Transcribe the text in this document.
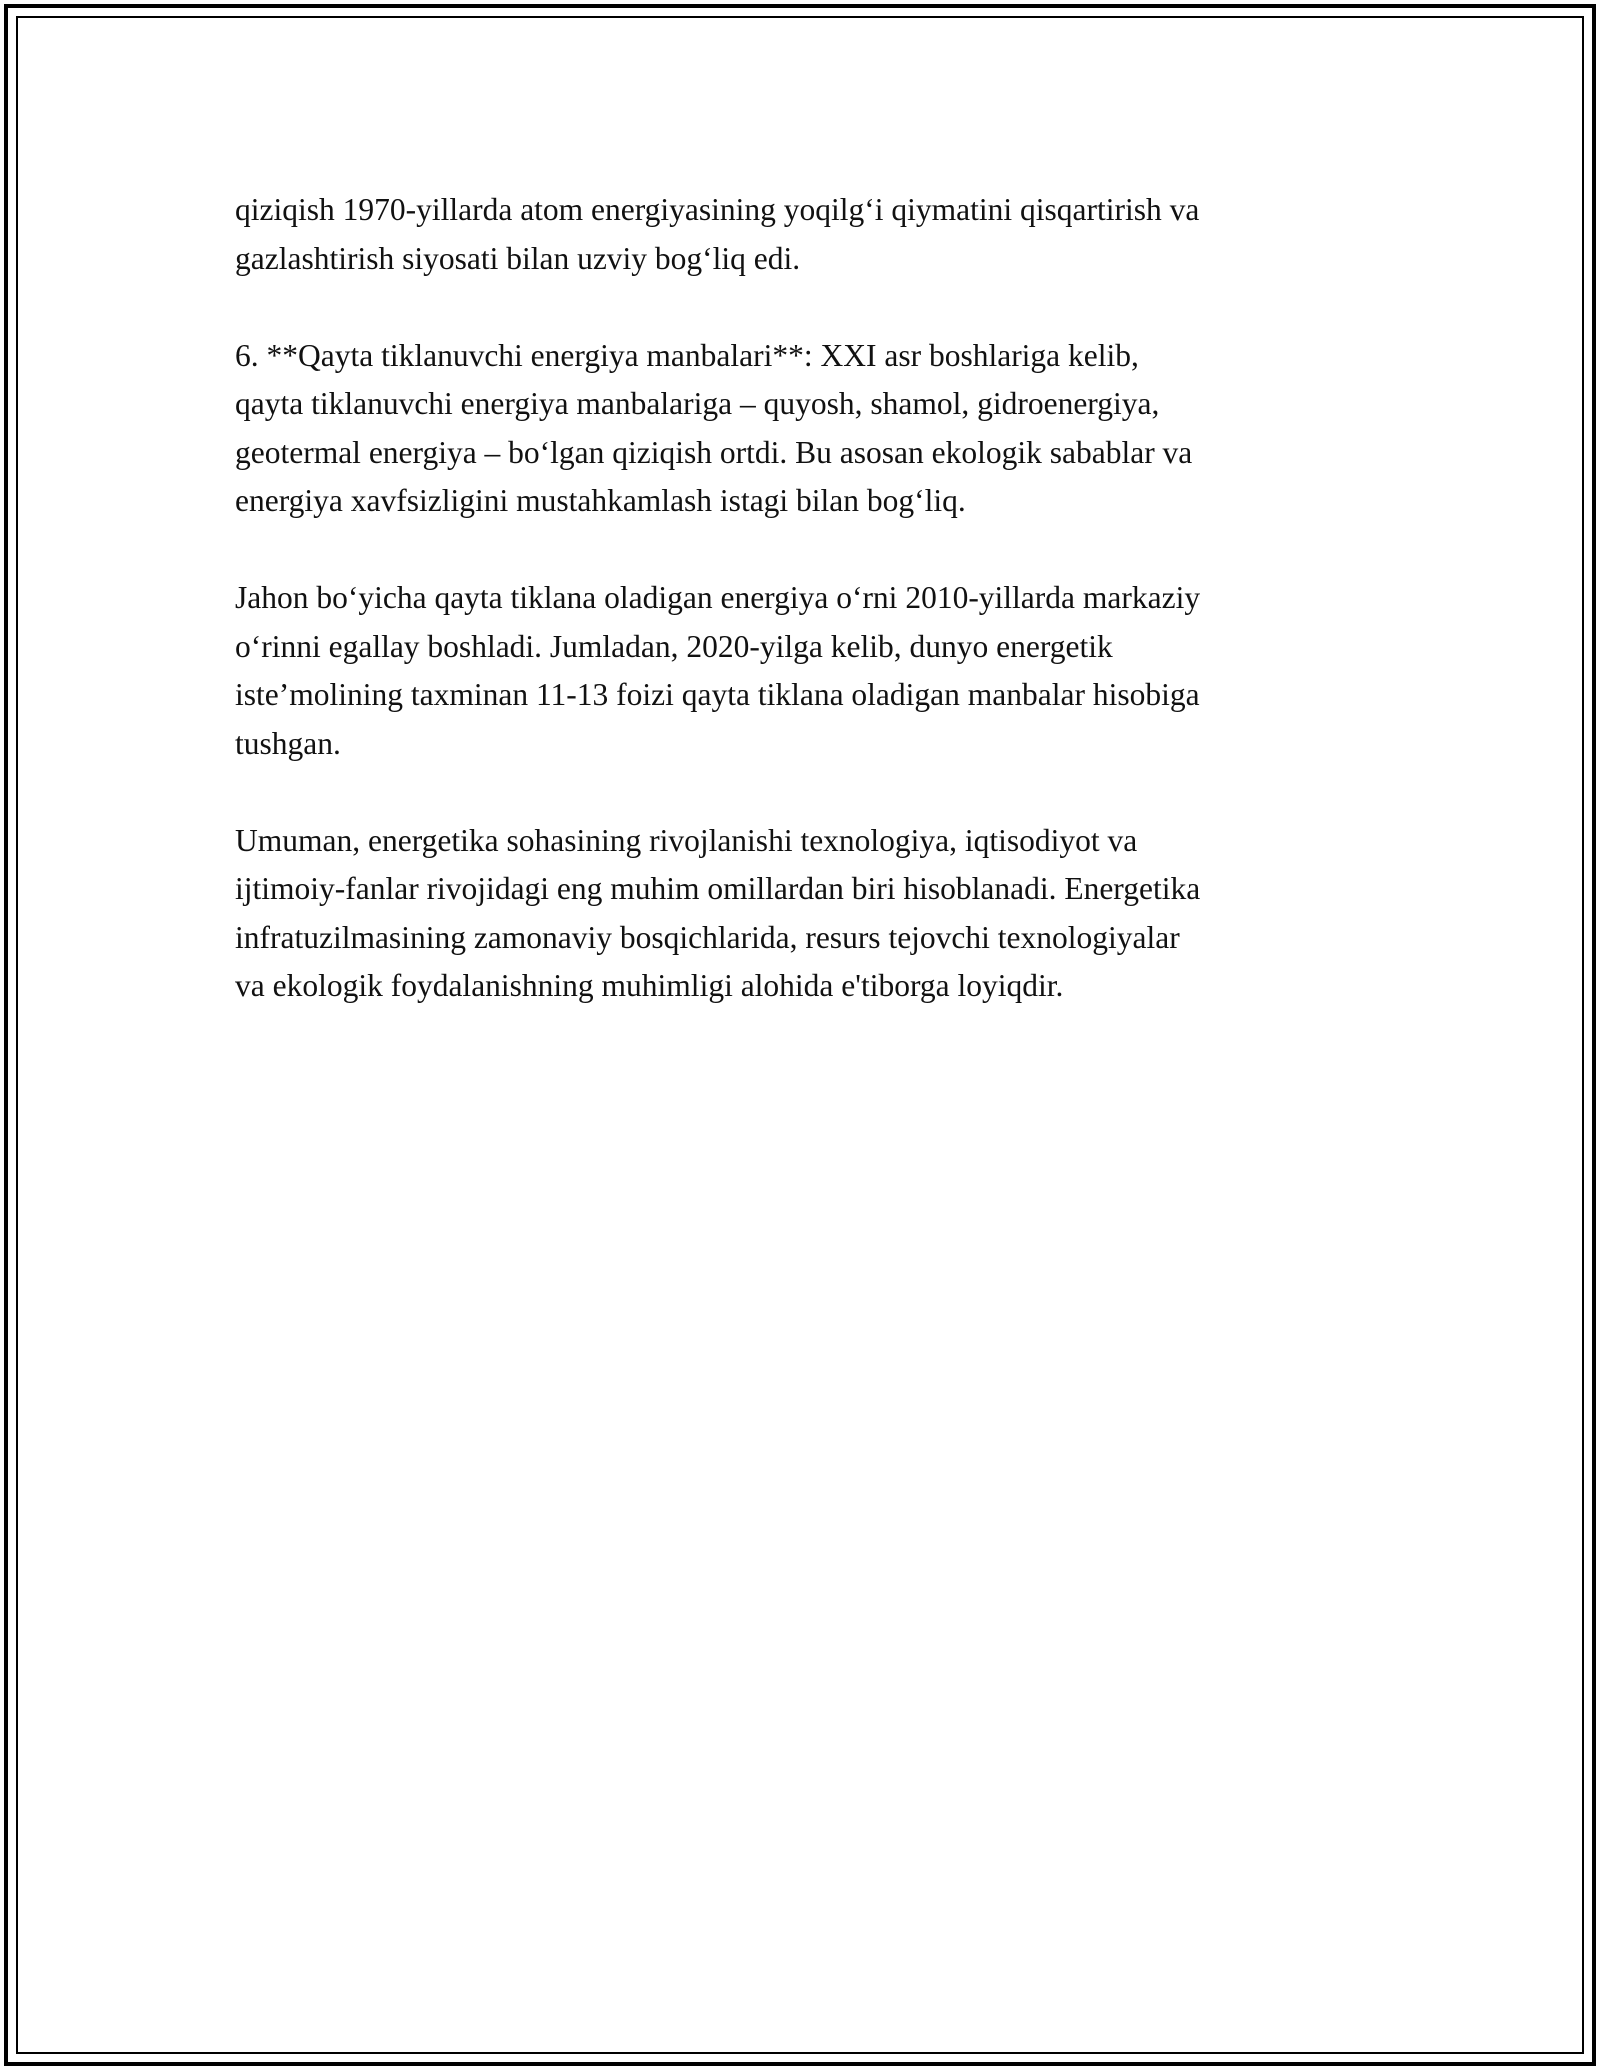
qiziqish 1970-yillarda atom energiyasining yoqilg‘i qiymatini qisqartirish va
gazlashtirish siyosati bilan uzviy bog‘liq edi.

6. **Qayta tiklanuvchi energiya manbalari**: XXI asr boshlariga kelib,
qayta tiklanuvchi energiya manbalariga – quyosh, shamol, gidroenergiya,
geotermal energiya – bo‘lgan qiziqish ortdi. Bu asosan ekologik sabablar va
energiya xavfsizligini mustahkamlash istagi bilan bog‘liq.

Jahon bo‘yicha qayta tiklana oladigan energiya o‘rni 2010-yillarda markaziy
o‘rinni egallay boshladi. Jumladan, 2020-yilga kelib, dunyo energetik
iste’molining taxminan 11-13 foizi qayta tiklana oladigan manbalar hisobiga
tushgan.

Umuman, energetika sohasining rivojlanishi texnologiya, iqtisodiyot va
ijtimoiy-fanlar rivojidagi eng muhim omillardan biri hisoblanadi. Energetika
infratuzilmasining zamonaviy bosqichlarida, resurs tejovchi texnologiyalar
va ekologik foydalanishning muhimligi alohida e'tiborga loyiqdir.
